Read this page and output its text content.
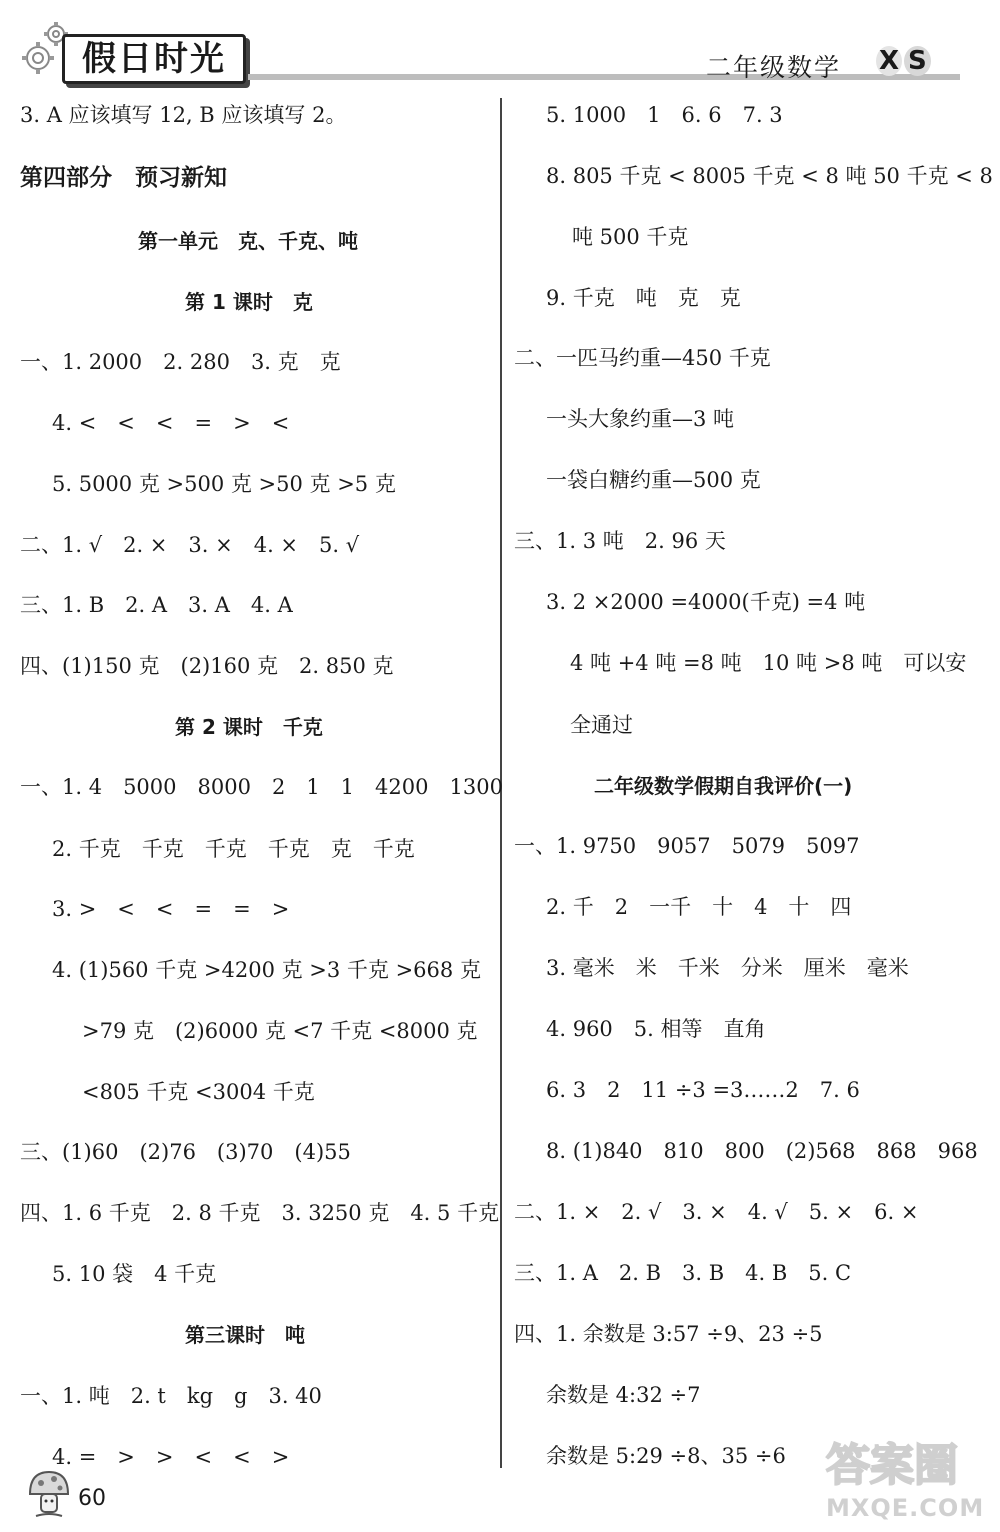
假日时光	二年级数学 X S
3. A 应该填写 12, B 应该填写 2。
第四部分　预习新知
第一单元　克、千克、吨
第 1 课时　克
一、1. 2000　2. 280　3. 克　克
4. <　<　<　=　>　<
5. 5000 克 >500 克 >50 克 >5 克
二、1. √　2. ×　3. ×　4. ×　5. √
三、1. B　2. A　3. A　4. A
四、(1)150 克　(2)160 克　2. 850 克
第 2 课时　千克
一、1. 4　5000　8000　2　1　1　4200　1300
2. 千克　千克　千克　千克　克　千克
3. >　<　<　=　=　>
4. (1)560 千克 >4200 克 >3 千克 >668 克
>79 克　(2)6000 克 <7 千克 <8000 克
<805 千克 <3004 千克
三、(1)60　(2)76　(3)70　(4)55
四、1. 6 千克　2. 8 千克　3. 3250 克　4. 5 千克
5. 10 袋　4 千克
第三课时　吨
一、1. 吨　2. t　kg　g　3. 40
4. =　>　>　<　<　>
5. 1000　1　6. 6　7. 3
8. 805 千克 < 8005 千克 < 8 吨 50 千克 < 8
吨 500 千克
9. 千克　吨　克　克
二、一匹马约重—450 千克
一头大象约重—3 吨
一袋白糖约重—500 克
三、1. 3 吨　2. 96 天
3. 2 ×2000 =4000(千克) =4 吨
4 吨 +4 吨 =8 吨　10 吨 >8 吨　可以安
全通过
二年级数学假期自我评价(一)
一、1. 9750　9057　5079　5097
2. 千　2　一千　十　4　十　四
3. 毫米　米　千米　分米　厘米　毫米
4. 960　5. 相等　直角
6. 3　2　11 ÷3 =3……2　7. 6
8. (1)840　810　800　(2)568　868　968
二、1. ×　2. √　3. ×　4. √　5. ×　6. ×
三、1. A　2. B　3. B　4. B　5. C
四、1. 余数是 3:57 ÷9、23 ÷5
余数是 4:32 ÷7
余数是 5:29 ÷8、35 ÷6
60
答案圈
MXQE.COM
